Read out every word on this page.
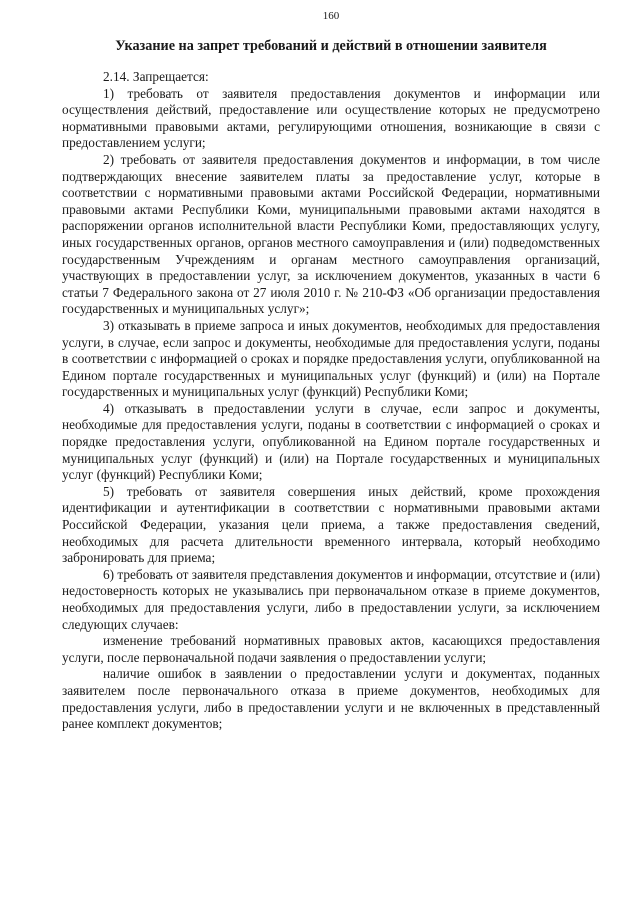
160
Указание на запрет требований и действий в отношении заявителя

2.14. Запрещается:

1) требовать от заявителя предоставления документов и информации или осуществления действий, предоставление или осуществление которых не предусмотрено нормативными правовыми актами, регулирующими отношения, возникающие в связи с предоставлением услуги;

2) требовать от заявителя предоставления документов и информации, в том числе подтверждающих внесение заявителем платы за предоставление услуг, которые в соответствии с нормативными правовыми актами Российской Федерации, нормативными правовыми актами Республики Коми, муниципальными правовыми актами находятся в распоряжении органов исполнительной власти Республики Коми, предоставляющих услугу, иных государственных органов, органов местного самоуправления и (или) подведомственных государственным Учреждениям и органам местного самоуправления организаций, участвующих в предоставлении услуг, за исключением документов, указанных в части 6 статьи 7 Федерального закона от 27 июля 2010 г. № 210-ФЗ «Об организации предоставления государственных и муниципальных услуг»;

3) отказывать в приеме запроса и иных документов, необходимых для предоставления услуги, в случае, если запрос и документы, необходимые для предоставления услуги, поданы в соответствии с информацией о сроках и порядке предоставления услуги, опубликованной на Едином портале государственных и муниципальных услуг (функций) и (или) на Портале государственных и муниципальных услуг (функций) Республики Коми;

4) отказывать в предоставлении услуги в случае, если запрос и документы, необходимые для предоставления услуги, поданы в соответствии с информацией о сроках и порядке предоставления услуги, опубликованной на Едином портале государственных и муниципальных услуг (функций) и (или) на Портале государственных и муниципальных услуг (функций) Республики Коми;

5) требовать от заявителя совершения иных действий, кроме прохождения идентификации и аутентификации в соответствии с нормативными правовыми актами Российской Федерации, указания цели приема, а также предоставления сведений, необходимых для расчета длительности временного интервала, который необходимо забронировать для приема;

6) требовать от заявителя представления документов и информации, отсутствие и (или) недостоверность которых не указывались при первоначальном отказе в приеме документов, необходимых для предоставления услуги, либо в предоставлении услуги, за исключением следующих случаев:

изменение требований нормативных правовых актов, касающихся предоставления услуги, после первоначальной подачи заявления о предоставлении услуги;

наличие ошибок в заявлении о предоставлении услуги и документах, поданных заявителем после первоначального отказа в приеме документов, необходимых для предоставления услуги, либо в предоставлении услуги и не включенных в представленный ранее комплект документов;
